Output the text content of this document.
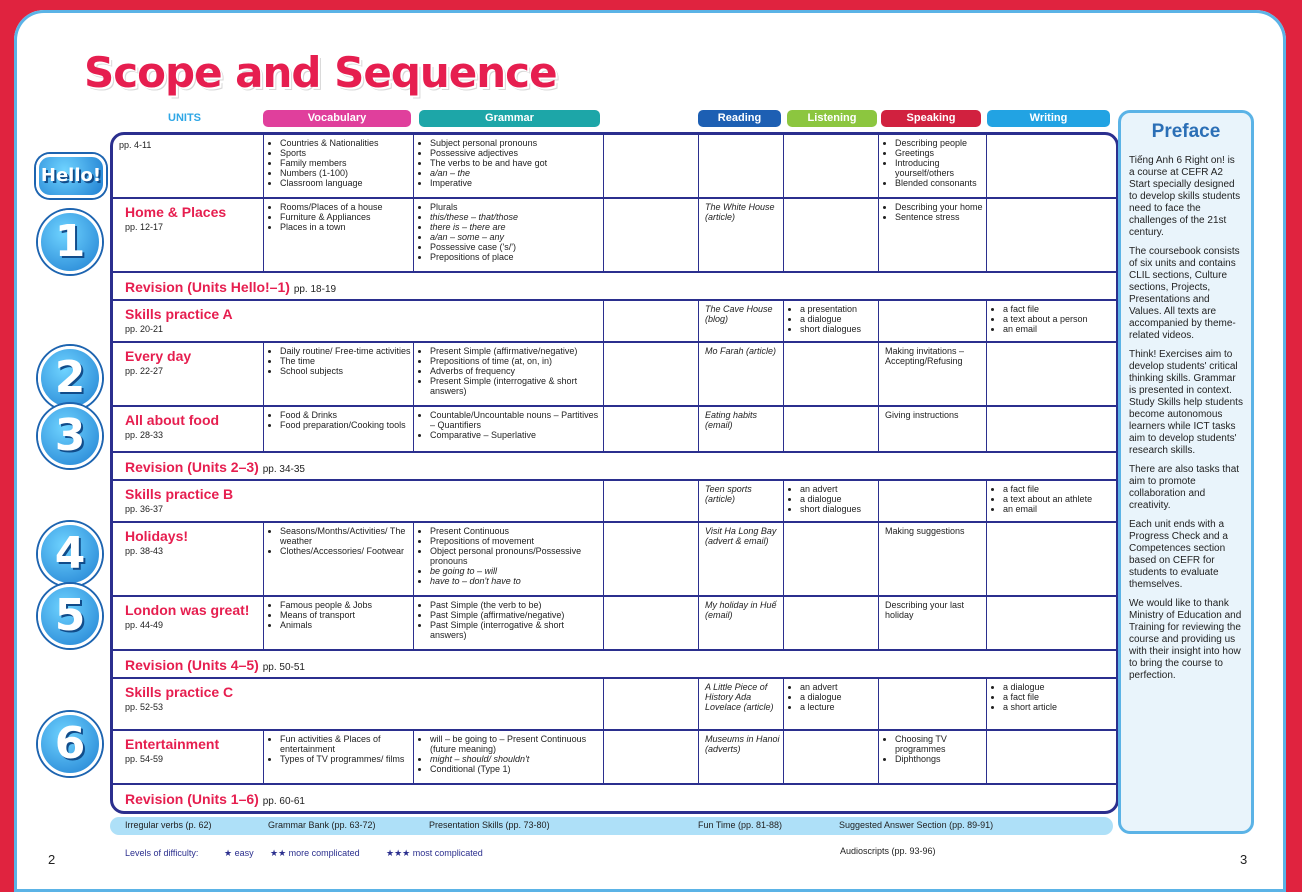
Scope and Sequence
UNITS	Vocabulary	Grammar	Reading	Listening	Speaking	Writing
Hello!
1
2
3
4
5
6
pp. 4-11
•	Countries & Nationalities
• Sports
• Family members
• Numbers (1-100)
• Classroom language
• Subject personal pronouns
• Possessive adjectives
• The verbs to be and have got
• a/an – the
• Imperative
• Describing people
• Greetings
• Introducing yourself/others
• Blended consonants
Home & Places
pp. 12-17
• Rooms/Places of a house
• Furniture & Appliances
• Places in a town
• Plurals
• this/these – that/those
• there is – there are
• a/an – some – any
• Possessive case ('s/')
• Prepositions of place
The White House (article)
• Describing your home
• Sentence stress
Revision (Units Hello!–1) pp. 18-19
Skills practice A
pp. 20-21
The Cave House (blog)
• a presentation
• a dialogue
• short dialogues
• a fact file
• a text about a person
• an email
Every day
pp. 22-27
• Daily routine/ Free-time activities
• The time
• School subjects
• Present Simple (affirmative/negative)
• Prepositions of time (at, on, in)
• Adverbs of frequency
• Present Simple (interrogative & short answers)
Mo Farah (article)	Making invitations – Accepting/Refusing
All about food
pp. 28-33
• Food & Drinks
• Food preparation/Cooking tools
• Countable/Uncountable nouns – Partitives – Quantifiers
• Comparative – Superlative
Eating habits (email)
Giving instructions
Revision (Units 2–3) pp. 34-35
Skills practice B
pp. 36-37
Teen sports (article)
• an advert
• a dialogue
• short dialogues
• a fact file
• a text about an athlete
• an email
Holidays!
pp. 38-43
• Seasons/Months/Activities/ The weather
• Clothes/Accessories/ Footwear
• Present Continuous
• Prepositions of movement
• Object personal pronouns/Possessive pronouns
• be going to – will
• have to – don't have to
Visit Ha Long Bay (advert & email)
Making suggestions
London was great!
pp. 44-49
• Famous people & Jobs
• Means of transport
• Animals
• Past Simple (the verb to be)
• Past Simple (affirmative/negative)
• Past Simple (interrogative & short answers)
My holiday in Huế (email)
Describing your last holiday
Revision (Units 4–5) pp. 50-51
Skills practice C
pp. 52-53
A Little Piece of History Ada Lovelace (article)
• an advert
• a dialogue
• a lecture
• a dialogue
• a fact file
• a short article
Entertainment
pp. 54-59
• Fun activities & Places of entertainment
• Types of TV programmes/ films
• will – be going to – Present Continuous (future meaning)
• might – should/ shouldn't
• Conditional (Type 1)
Museums in Hanoi (adverts)
• Choosing TV programmes
• Diphthongs
Revision (Units 1–6) pp. 60-61
Preface

Tiếng Anh 6 Right on! is a course at CEFR A2 Start specially designed to develop skills students need to face the challenges of the 21st century.

The coursebook consists of six units and contains CLIL sections, Culture sections, Projects, Presentations and Values. All texts are accompanied by theme-related videos.

Think! Exercises aim to develop students' critical thinking skills. Grammar is presented in context. Study Skills help students become autonomous learners while ICT tasks aim to develop students' research skills.

There are also tasks that aim to promote collaboration and creativity.

Each unit ends with a Progress Check and a Competences section based on CEFR for students to evaluate themselves.

We would like to thank Ministry of Education and Training for reviewing the course and providing us with their insight into how to bring the course to perfection.

Irregular verbs (p. 62)	Grammar Bank (pp. 63-72)	Presentation Skills (pp. 73-80)	Fun Time (pp. 81-88)	Suggested Answer Section (pp. 89-91)
Audioscripts (pp. 93-96)
Levels of difficulty:	★ easy ★★ more complicated	★★★ most complicated
2	3
